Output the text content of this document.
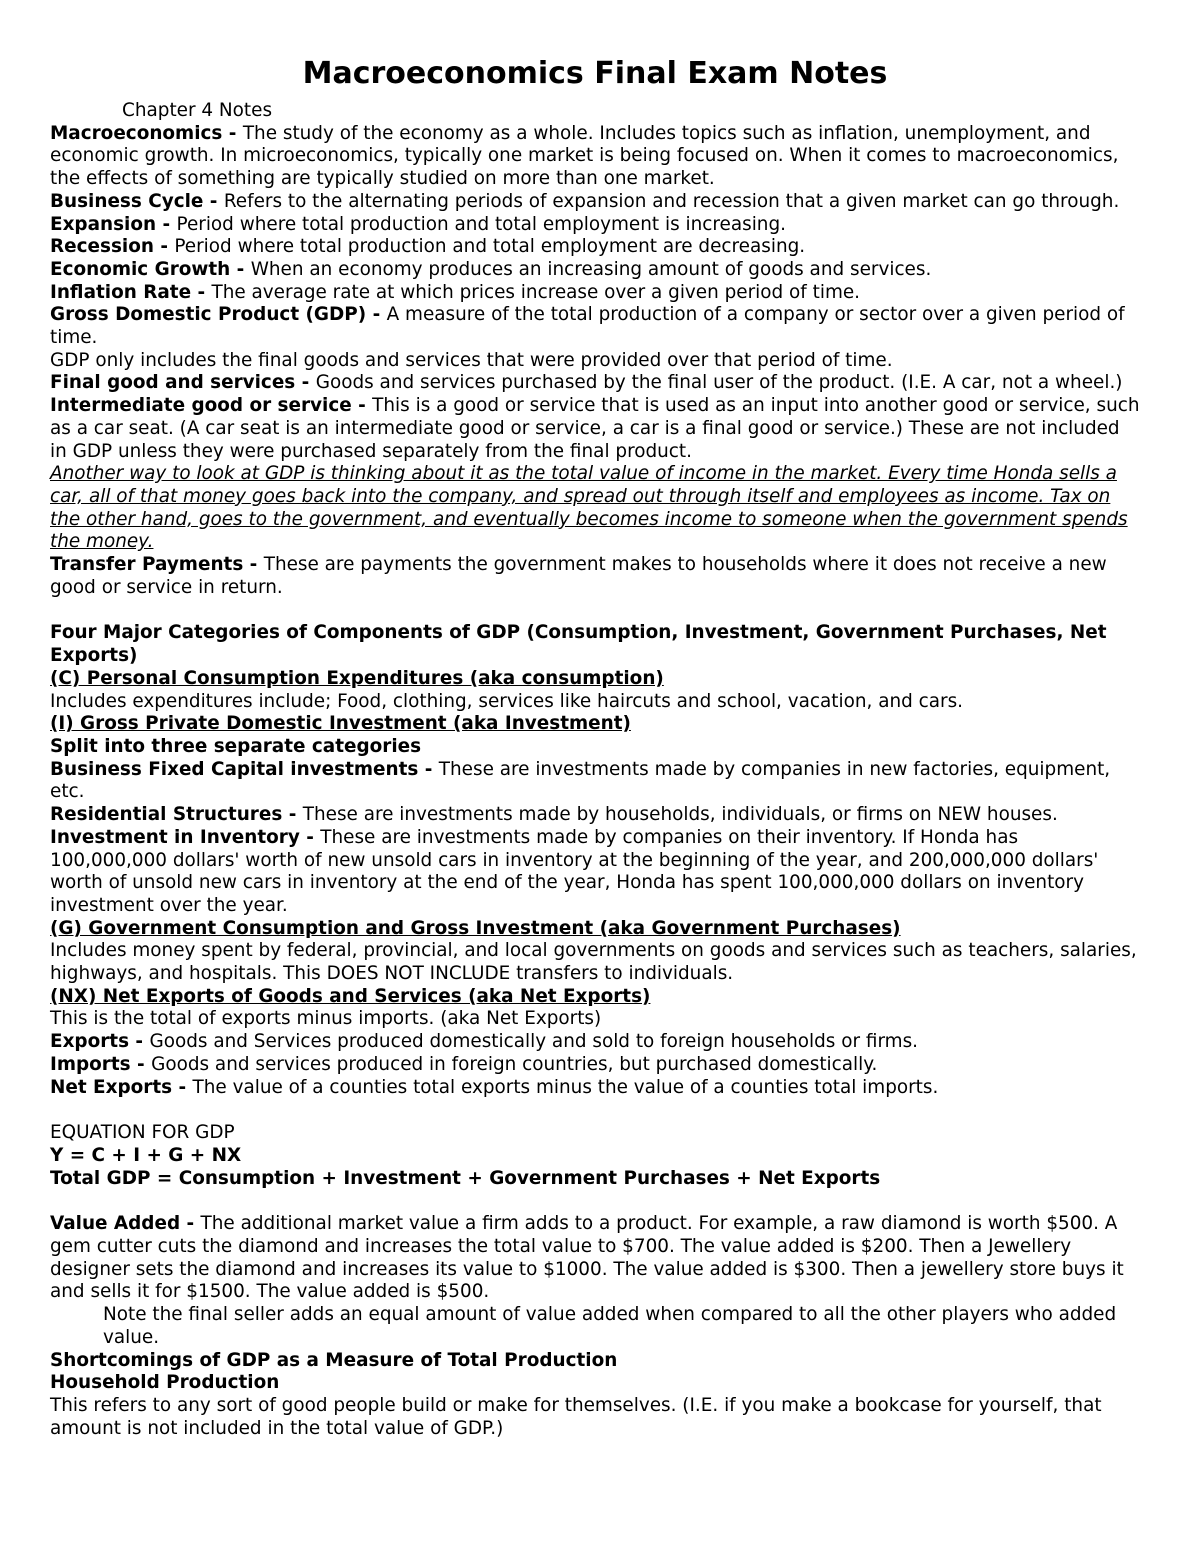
Macroeconomics Final Exam Notes

Chapter 4 Notes

Macroeconomics - The study of the economy as a whole. Includes topics such as inflation, unemployment, and economic growth. In microeconomics, typically one market is being focused on. When it comes to macroeconomics, the effects of something are typically studied on more than one market.

Business Cycle - Refers to the alternating periods of expansion and recession that a given market can go through.

Expansion - Period where total production and total employment is increasing.

Recession - Period where total production and total employment are decreasing.

Economic Growth - When an economy produces an increasing amount of goods and services.

Inflation Rate - The average rate at which prices increase over a given period of time.

Gross Domestic Product (GDP) - A measure of the total production of a company or sector over a given period of time.

GDP only includes the final goods and services that were provided over that period of time.

Final good and services - Goods and services purchased by the final user of the product. (I.E. A car, not a wheel.)

Intermediate good or service - This is a good or service that is used as an input into another good or service, such as a car seat. (A car seat is an intermediate good or service, a car is a final good or service.) These are not included in GDP unless they were purchased separately from the final product.

Another way to look at GDP is thinking about it as the total value of income in the market. Every time Honda sells a car, all of that money goes back into the company, and spread out through itself and employees as income. Tax on the other hand, goes to the government, and eventually becomes income to someone when the government spends the money.

Transfer Payments - These are payments the government makes to households where it does not receive a new good or service in return.

Four Major Categories of Components of GDP (Consumption, Investment, Government Purchases, Net Exports)

(C) Personal Consumption Expenditures (aka consumption)

Includes expenditures include; Food, clothing, services like haircuts and school, vacation, and cars.

(I) Gross Private Domestic Investment (aka Investment)

Split into three separate categories

Business Fixed Capital investments - These are investments made by companies in new factories, equipment, etc.

Residential Structures - These are investments made by households, individuals, or firms on NEW houses.

Investment in Inventory - These are investments made by companies on their inventory. If Honda has 100,000,000 dollars' worth of new unsold cars in inventory at the beginning of the year, and 200,000,000 dollars' worth of unsold new cars in inventory at the end of the year, Honda has spent 100,000,000 dollars on inventory investment over the year.

(G) Government Consumption and Gross Investment (aka Government Purchases)

Includes money spent by federal, provincial, and local governments on goods and services such as teachers, salaries, highways, and hospitals. This DOES NOT INCLUDE transfers to individuals.

(NX) Net Exports of Goods and Services (aka Net Exports)

This is the total of exports minus imports. (aka Net Exports)

Exports - Goods and Services produced domestically and sold to foreign households or firms.

Imports - Goods and services produced in foreign countries, but purchased domestically.

Net Exports - The value of a counties total exports minus the value of a counties total imports.

EQUATION FOR GDP

Y = C + I + G + NX

Total GDP = Consumption + Investment + Government Purchases + Net Exports

Value Added - The additional market value a firm adds to a product. For example, a raw diamond is worth $500. A gem cutter cuts the diamond and increases the total value to $700. The value added is $200. Then a Jewellery designer sets the diamond and increases its value to $1000. The value added is $300. Then a jewellery store buys it and sells it for $1500. The value added is $500.

Note the final seller adds an equal amount of value added when compared to all the other players who added value.

Shortcomings of GDP as a Measure of Total Production

Household Production

This refers to any sort of good people build or make for themselves. (I.E. if you make a bookcase for yourself, that amount is not included in the total value of GDP.)
